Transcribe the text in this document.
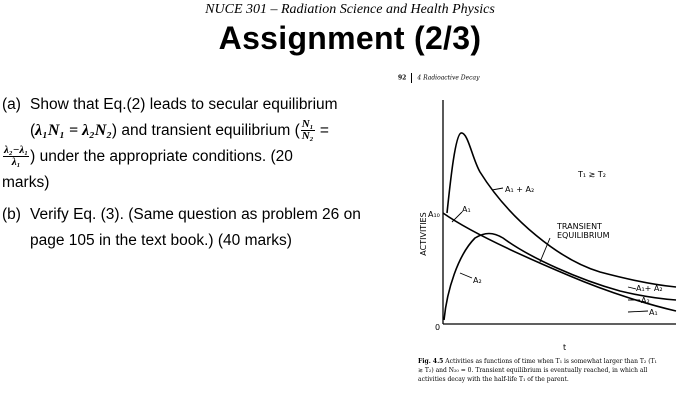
NUCE 301 – Radiation Science and Health Physics
Assignment (2/3)
(a) Show that Eq.(2) leads to secular equilibrium
(λ₁N₁ = λ₂N₂) and transient equilibrium ( $\frac{\text{N₁}}{\text{N₂}}$ =
$\frac{\text{λ₂−λ₁}}{\text{λ₁}}$ ) under the appropriate conditions. (20
marks)
(b) Verify Eq. (3). (Same question as problem 26 on
page 105 in the text book.) (40 marks)
92 4 Radioactive Decay
ACTIVITIES
0
A₁₀
A₁ + A₂
A₁
A₂
T₁ ≳ T₂
TRANSIENT
EQUILIBRIUM
A₁+ A₂
A₂
A₁
t
Fig. 4.5 Activities as functions of time when T₁ is somewhat larger than T₂ (T₁ ≳ T₂) and N₂₀ = 0. Transient equilibrium is eventually reached, in which all activities decay with the half-life T₁ of the parent.
